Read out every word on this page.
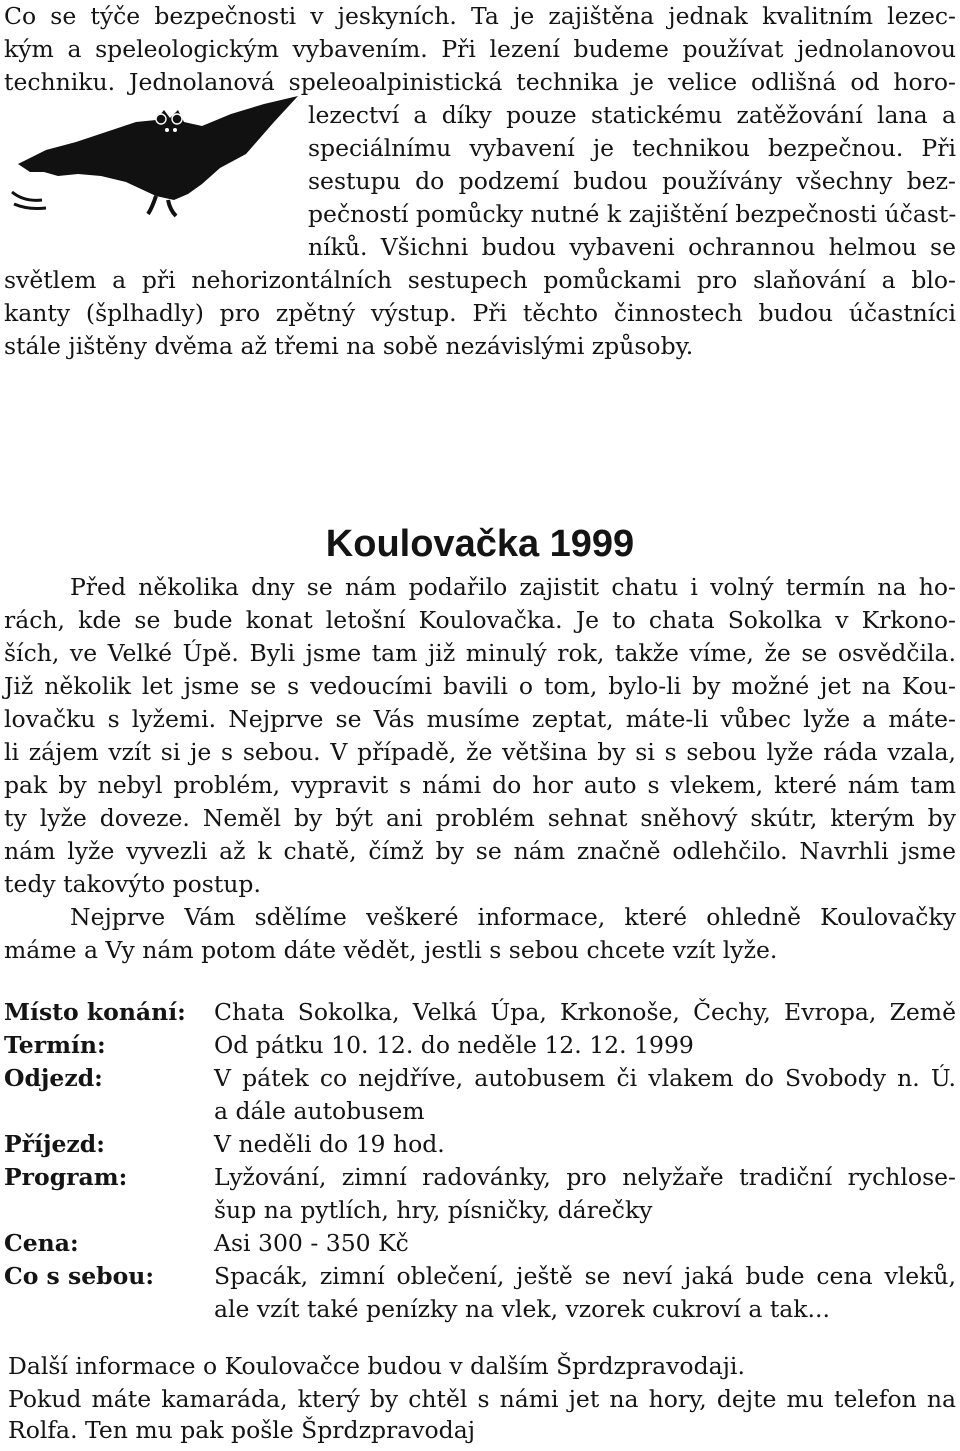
Co se týče bezpečnosti v jeskyních. Ta je zajištěna jednak kvalitním lezec-
kým a speleologickým vybavením. Při lezení budeme používat jednolanovou
techniku. Jednolanová speleoalpinistická technika je velice odlišná od horo-
lezectví a díky pouze statickému zatěžování lana a
speciálnímu vybavení je technikou bezpečnou. Při
sestupu do podzemí budou používány všechny bez-
pečností pomůcky nutné k zajištění bezpečnosti účast-
níků. Všichni budou vybaveni ochrannou helmou se
světlem a při nehorizontálních sestupech pomůckami pro slaňování a blo-
kanty (šplhadly) pro zpětný výstup. Při těchto činnostech budou účastníci
stále jištěny dvěma až třemi na sobě nezávislými způsoby.
Koulovačka 1999
Před několika dny se nám podařilo zajistit chatu i volný termín na ho-
rách, kde se bude konat letošní Koulovačka. Je to chata Sokolka v Krkono-
ších, ve Velké Úpě. Byli jsme tam již minulý rok, takže víme, že se osvědčila.
Již několik let jsme se s vedoucími bavili o tom, bylo-li by možné jet na Kou-
lovačku s lyžemi. Nejprve se Vás musíme zeptat, máte-li vůbec lyže a máte-
li zájem vzít si je s sebou. V případě, že většina by si s sebou lyže ráda vzala,
pak by nebyl problém, vypravit s námi do hor auto s vlekem, které nám tam
ty lyže doveze. Neměl by být ani problém sehnat sněhový skútr, kterým by
nám lyže vyvezli až k chatě, čímž by se nám značně odlehčilo. Navrhli jsme
tedy takovýto postup.
Nejprve Vám sdělíme veškeré informace, které ohledně Koulovačky
máme a Vy nám potom dáte vědět, jestli s sebou chcete vzít lyže.
Místo konání: Chata Sokolka, Velká Úpa, Krkonoše, Čechy, Evropa, Země
Termín:	Od pátku 10. 12. do neděle 12. 12. 1999
Odjezd:	V pátek co nejdříve, autobusem či vlakem do Svobody n. Ú.
a dále autobusem
Příjezd:	V neděli do 19 hod.
Program:	Lyžování, zimní radovánky, pro nelyžaře tradiční rychlose-
šup na pytlích, hry, písničky, dárečky
Cena:	Asi 300 - 350 Kč
Co s sebou:	Spacák, zimní oblečení, ještě se neví jaká bude cena vleků,
ale vzít také penízky na vlek, vzorek cukroví a tak...
Další informace o Koulovačce budou v dalším Šprdzpravodaji.
Pokud máte kamaráda, který by chtěl s námi jet na hory, dejte mu telefon na
Rolfa. Ten mu pak pošle Šprdzpravodaj
